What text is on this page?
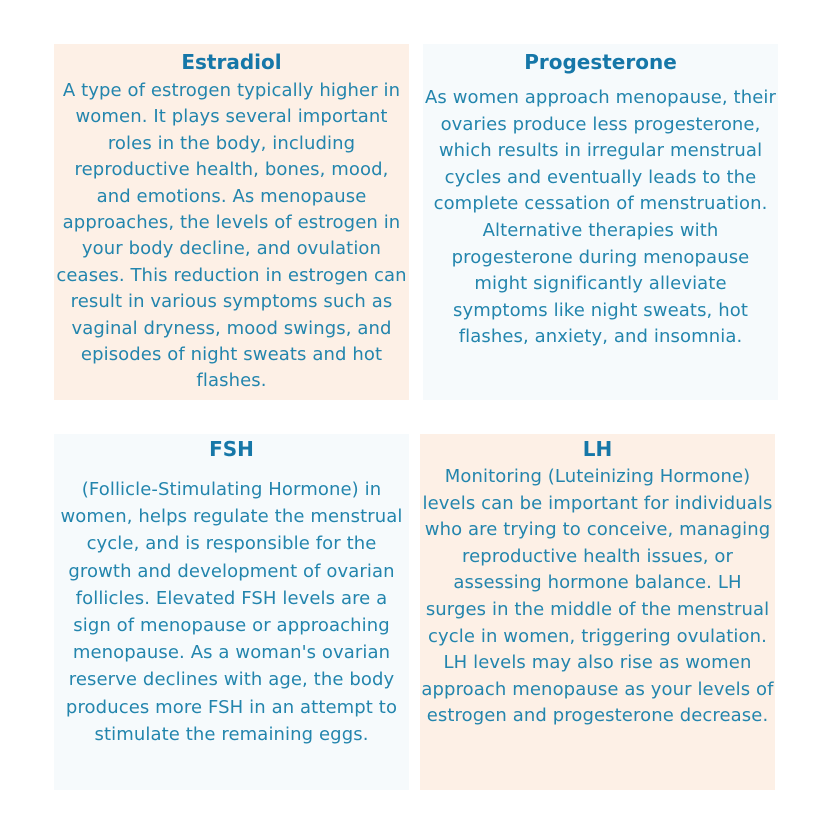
Estradiol

A type of estrogen typically higher in women. It plays several important roles in the body, including reproductive health, bones, mood, and emotions. As menopause approaches, the levels of estrogen in your body decline, and ovulation ceases. This reduction in estrogen can result in various symptoms such as vaginal dryness, mood swings, and episodes of night sweats and hot flashes.

Progesterone

As women approach menopause, their ovaries produce less progesterone, which results in irregular menstrual cycles and eventually leads to the complete cessation of menstruation. Alternative therapies with progesterone during menopause might significantly alleviate symptoms like night sweats, hot flashes, anxiety, and insomnia.

FSH

(Follicle-Stimulating Hormone) in women, helps regulate the menstrual cycle, and is responsible for the growth and development of ovarian follicles. Elevated FSH levels are a sign of menopause or approaching menopause. As a woman's ovarian reserve declines with age, the body produces more FSH in an attempt to stimulate the remaining eggs.

LH

Monitoring (Luteinizing Hormone) levels can be important for individuals who are trying to conceive, managing reproductive health issues, or assessing hormone balance. LH surges in the middle of the menstrual cycle in women, triggering ovulation. LH levels may also rise as women approach menopause as your levels of estrogen and progesterone decrease.
